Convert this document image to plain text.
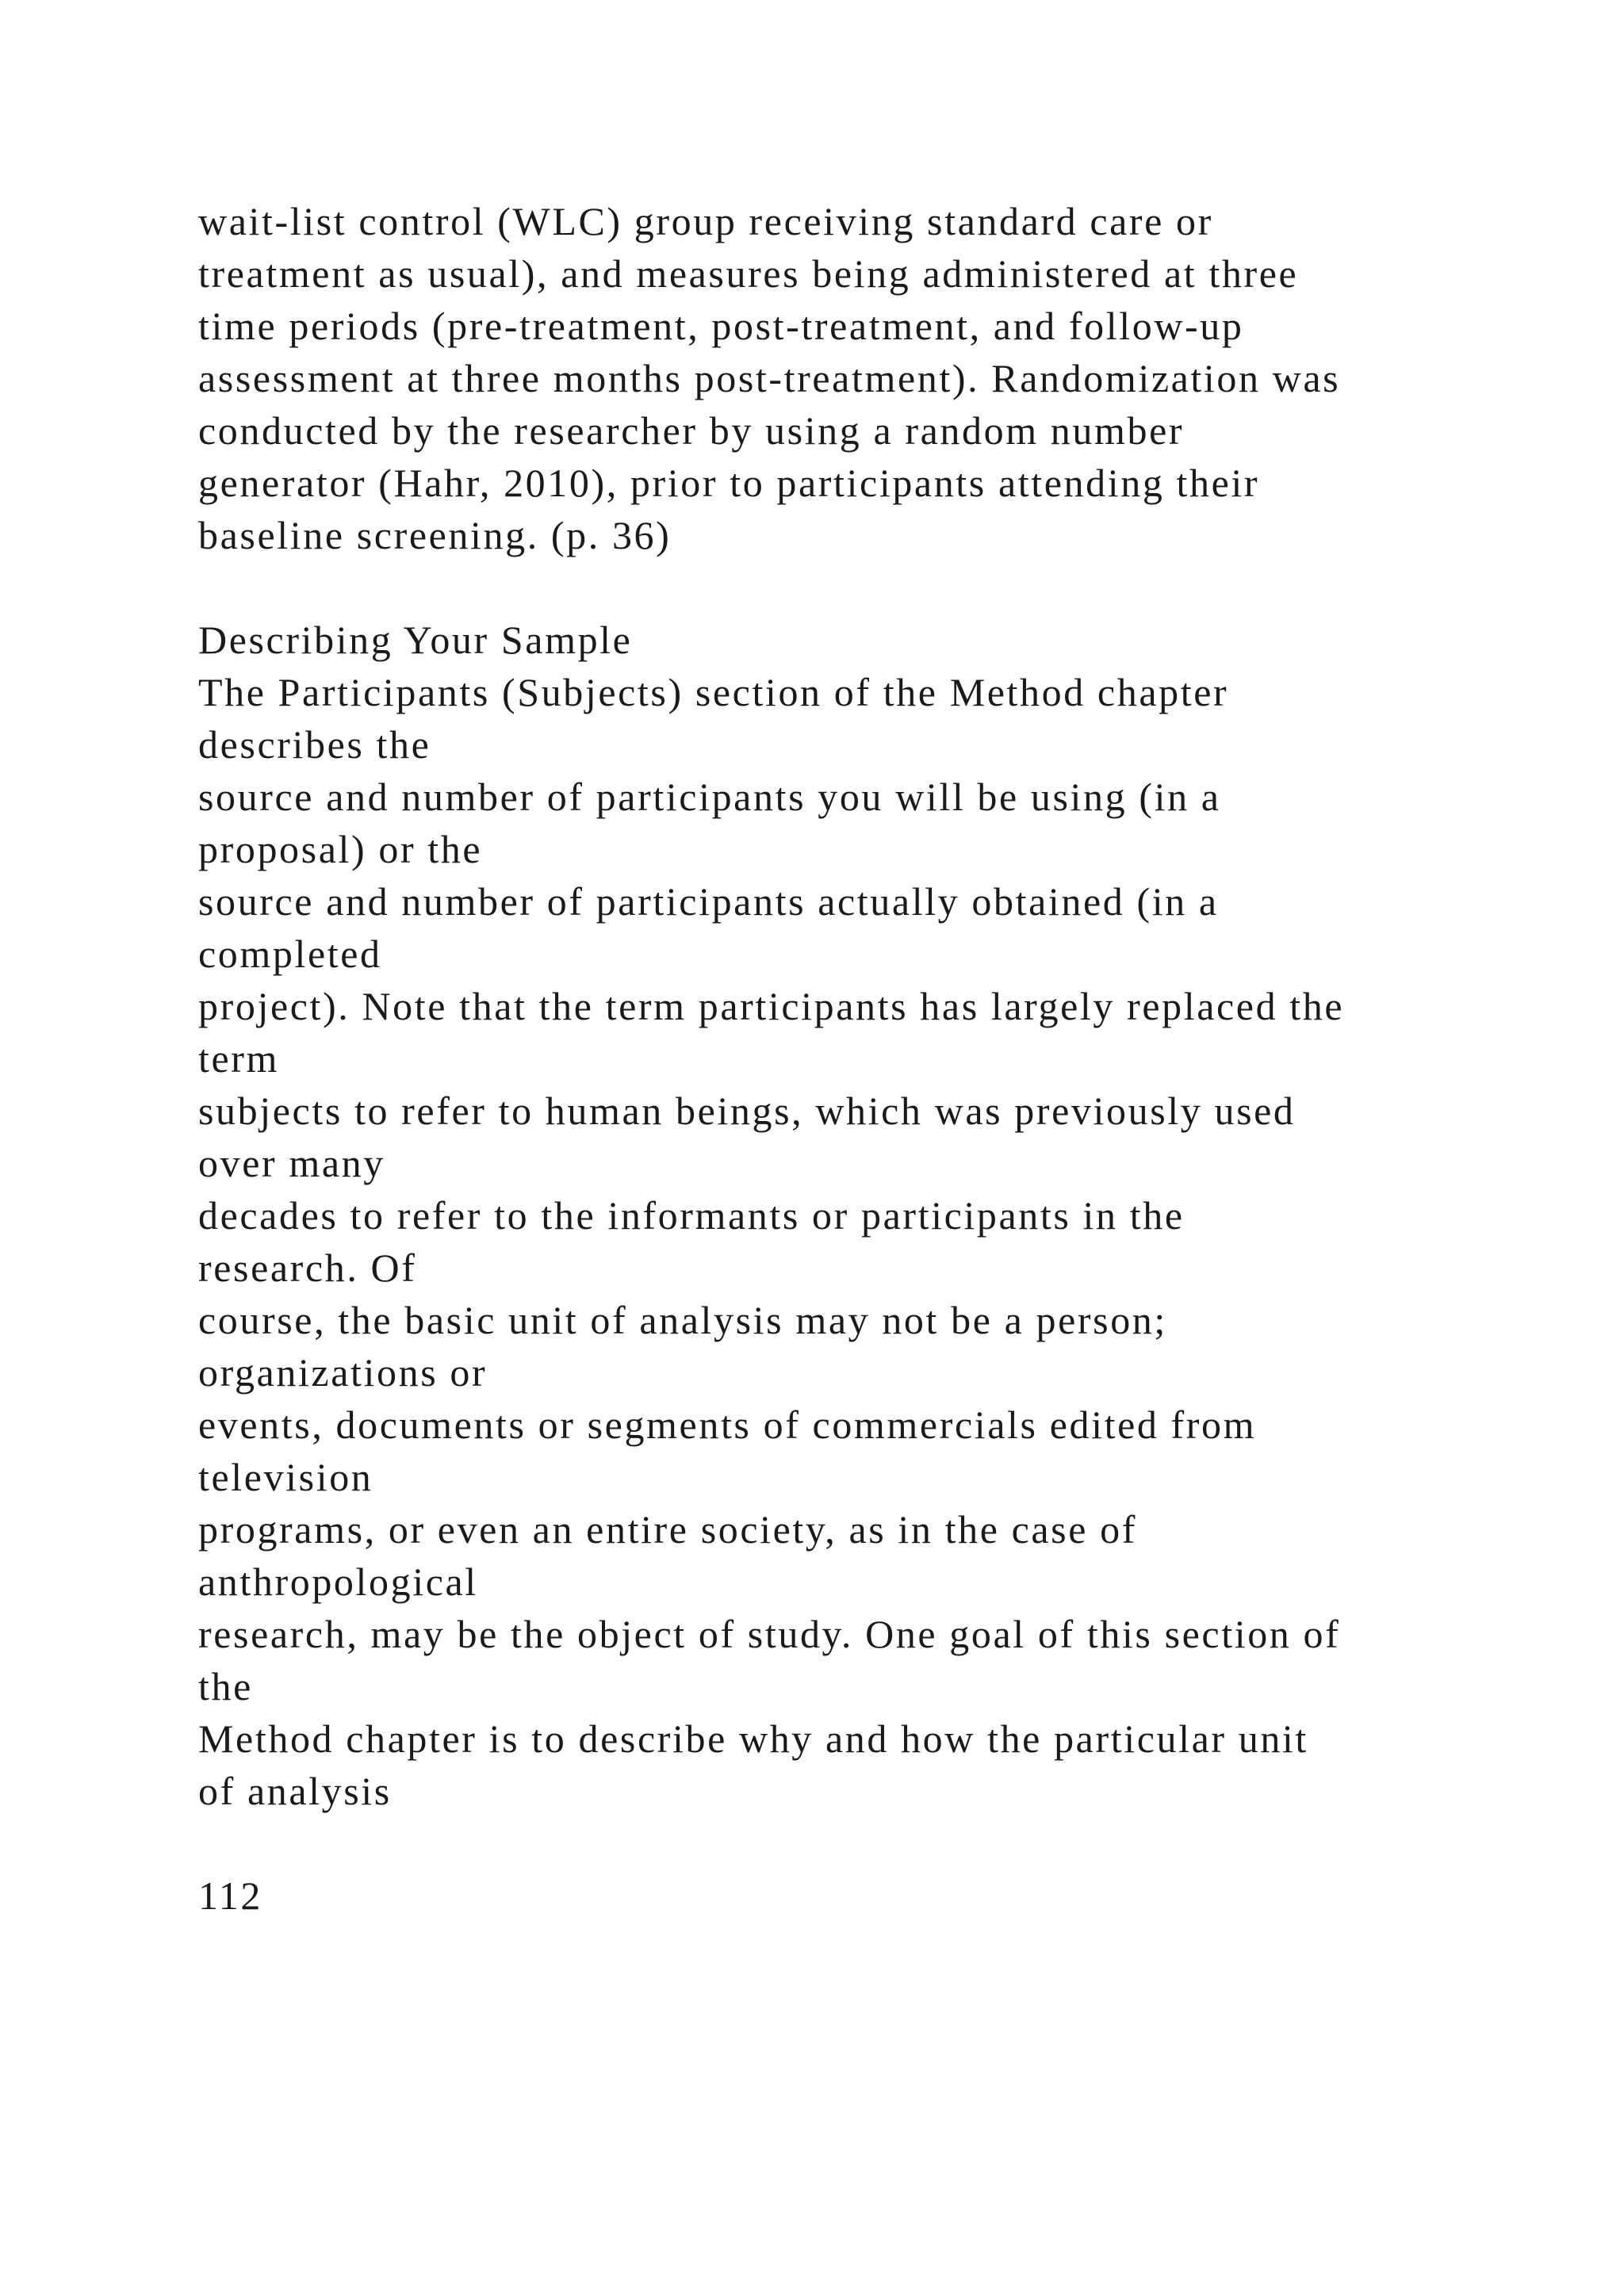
wait-list control (WLC) group receiving standard care or
treatment as usual), and measures being administered at three
time periods (pre-treatment, post-treatment, and follow-up
assessment at three months post-treatment). Randomization was
conducted by the researcher by using a random number
generator (Hahr, 2010), prior to participants attending their
baseline screening. (p. 36)
Describing Your Sample
The Participants (Subjects) section of the Method chapter
describes the
source and number of participants you will be using (in a
proposal) or the
source and number of participants actually obtained (in a
completed
project). Note that the term participants has largely replaced the
term
subjects to refer to human beings, which was previously used
over many
decades to refer to the informants or participants in the
research. Of
course, the basic unit of analysis may not be a person;
organizations or
events, documents or segments of commercials edited from
television
programs, or even an entire society, as in the case of
anthropological
research, may be the object of study. One goal of this section of
the
Method chapter is to describe why and how the particular unit
of analysis
112
